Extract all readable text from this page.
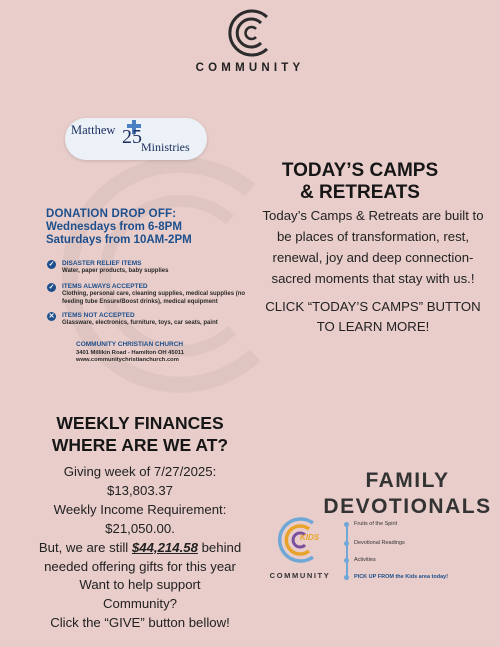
COMMUNITY
Matthew 25 Ministries
DONATION DROP OFF:
Wednesdays from 6-8PM
Saturdays from 10AM-2PM
✓ DISASTER RELIEF ITEMS
Water, paper products, baby supplies
✓ ITEMS ALWAYS ACCEPTED
Clothing, personal care, cleaning supplies, medical supplies (no feeding tube Ensure/Boost drinks), medical equipment
✕ ITEMS NOT ACCEPTED
Glassware, electronics, furniture, toys, car seats, paint
COMMUNITY CHRISTIAN CHURCH
3401 Millikin Road - Hamilton OH 45011
www.communitychristianchurch.com
TODAY’S CAMPS
& RETREATS
Today’s Camps & Retreats are built to be places of transformation, rest, renewal, joy and deep connection-sacred moments that stay with us.!
CLICK “TODAY’S CAMPS” BUTTON TO LEARN MORE!
WEEKLY FINANCES
WHERE ARE WE AT?
Giving week of 7/27/2025:
$13,803.37
Weekly Income Requirement:
$21,050.00.
But, we are still $44,214.58 behind
needed offering gifts for this year
Want to help support
Community?
Click the “GIVE” button bellow!
FAMILY
DEVOTIONALS
KIDS
COMMUNITY
Fruits of the Spirit
Devotional Readings
Activities
PICK UP FROM the Kids area today!
